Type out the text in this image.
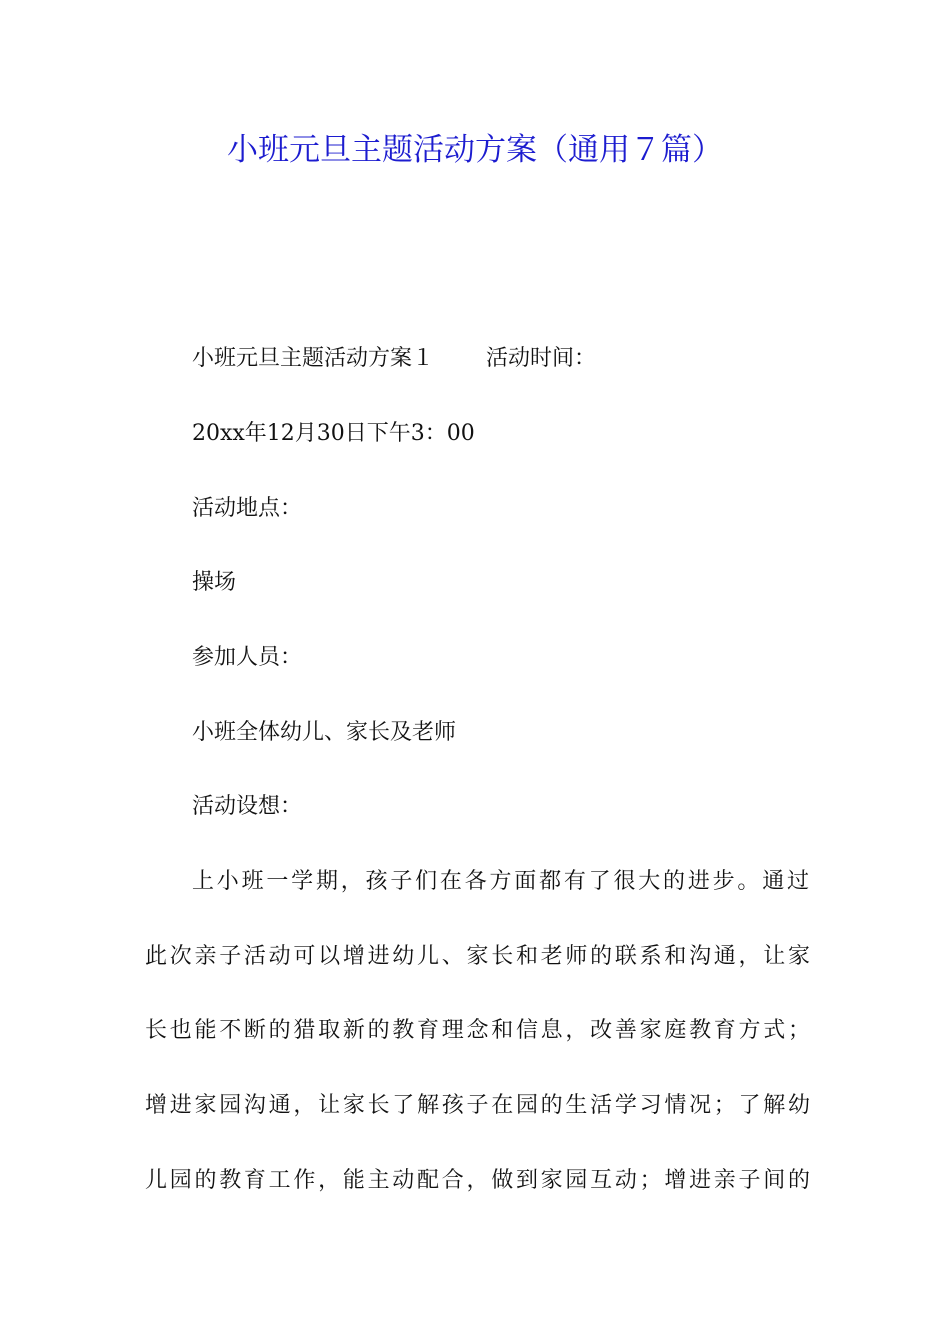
小班元旦主题活动方案（通用７篇）

小班元旦主题活动方案１ 活动时间：

20xx年12月30日下午3：00

活动地点：

操场

参加人员：

小班全体幼儿、家长及老师

活动设想：

上小班一学期，孩子们在各方面都有了很大的进步。通过

此次亲子活动可以增进幼儿、家长和老师的联系和沟通，让家

长也能不断的猎取新的教育理念和信息，改善家庭教育方式；

增进家园沟通，让家长了解孩子在园的生活学习情况；了解幼

儿园的教育工作，能主动配合，做到家园互动；增进亲子间的
